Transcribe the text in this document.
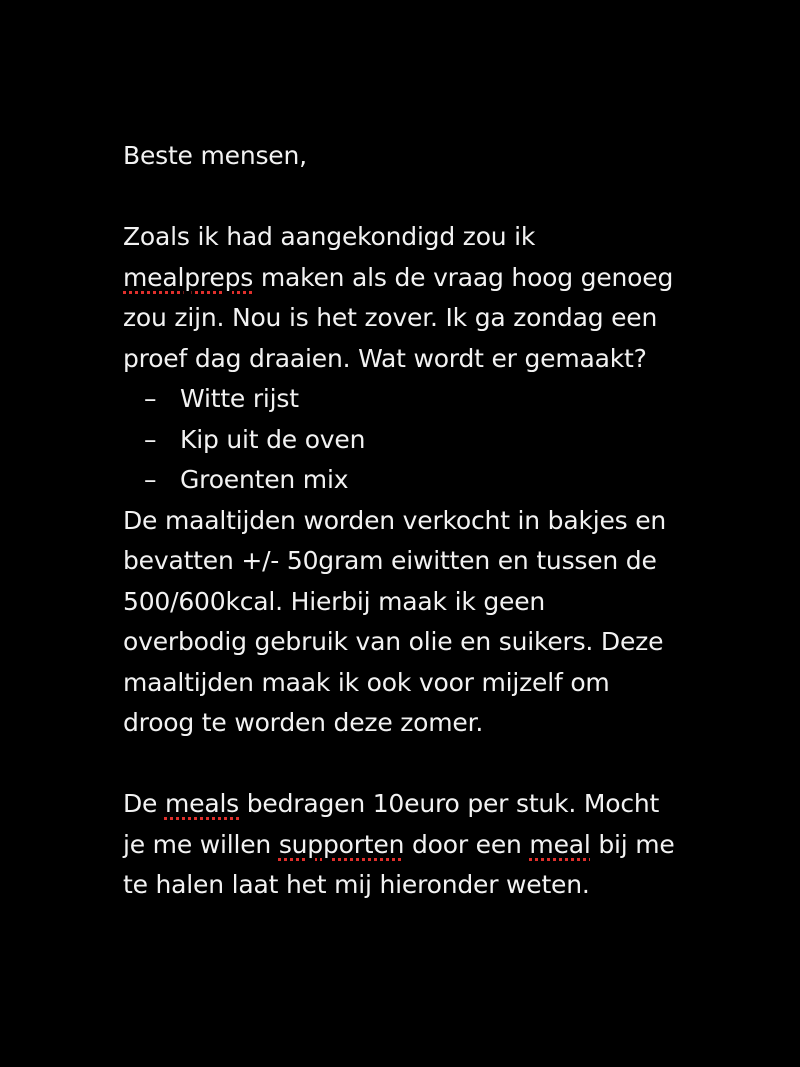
Beste mensen,

Zoals ik had aangekondigd zou ik

mealpreps maken als de vraag hoog genoeg

zou zijn. Nou is het zover. Ik ga zondag een

proef dag draaien. Wat wordt er gemaakt?

– Witte rijst
– Kip uit de oven
– Groenten mix

De maaltijden worden verkocht in bakjes en

bevatten +/- 50gram eiwitten en tussen de

500/600kcal. Hierbij maak ik geen

overbodig gebruik van olie en suikers. Deze

maaltijden maak ik ook voor mijzelf om

droog te worden deze zomer.

De meals bedragen 10euro per stuk. Mocht

je me willen supporten door een meal bij me

te halen laat het mij hieronder weten.
